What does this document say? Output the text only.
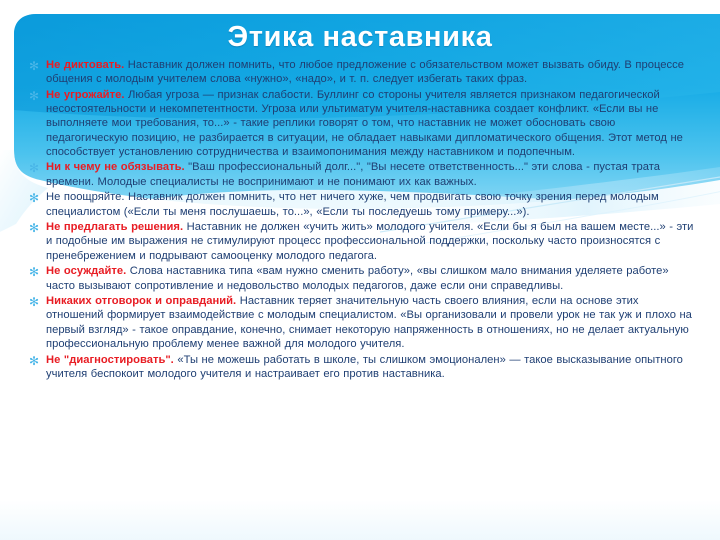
Этика наставника
✻ Не диктовать. Наставник должен помнить, что любое предложение с обязательством может вызвать обиду. В процессе общения с молодым учителем слова «нужно», «надо», и т. п. следует избегать таких фраз.
✻ Не угрожайте. Любая угроза — признак слабости. Буллинг со стороны учителя является признаком педагогической несостоятельности и некомпетентности. Угроза или ультиматум учителя-наставника создает конфликт. «Если вы не выполняете мои требования, то...» - такие реплики говорят о том, что наставник не может обосновать свою педагогическую позицию, не разбирается в ситуации, не обладает навыками дипломатического общения. Этот метод не способствует установлению сотрудничества и взаимопонимания между наставником и подопечным.
✻ Ни к чему не обязывать. "Ваш профессиональный долг...", "Вы несете ответственность..." эти слова - пустая трата времени. Молодые специалисты не воспринимают и не понимают их как важных.
✻ Не поощряйте. Наставник должен помнить, что нет ничего хуже, чем продвигать свою точку зрения перед молодым специалистом («Если ты меня послушаешь, то...», «Если ты последуешь тому примеру...»).
✻ Не предлагать решения. Наставник не должен «учить жить» молодого учителя. «Если бы я был на вашем месте...» - эти и подобные им выражения не стимулируют процесс профессиональной поддержки, поскольку часто произносятся с пренебрежением и подрывают самооценку молодого педагога.
✻ Не осуждайте. Слова наставника типа «вам нужно сменить работу», «вы слишком мало внимания уделяете работе» часто вызывают сопротивление и недовольство молодых педагогов, даже если они справедливы.
✻ Никаких отговорок и оправданий. Наставник теряет значительную часть своего влияния, если на основе этих отношений формирует взаимодействие с молодым специалистом. «Вы организовали и провели урок не так уж и плохо на первый взгляд» - такое оправдание, конечно, снимает некоторую напряженность в отношениях, но не делает актуальную профессиональную проблему менее важной для молодого учителя.
✻ Не "диагностировать". «Ты не можешь работать в школе, ты слишком эмоционален» — такое высказывание опытного учителя беспокоит молодого учителя и настраивает его против наставника.
